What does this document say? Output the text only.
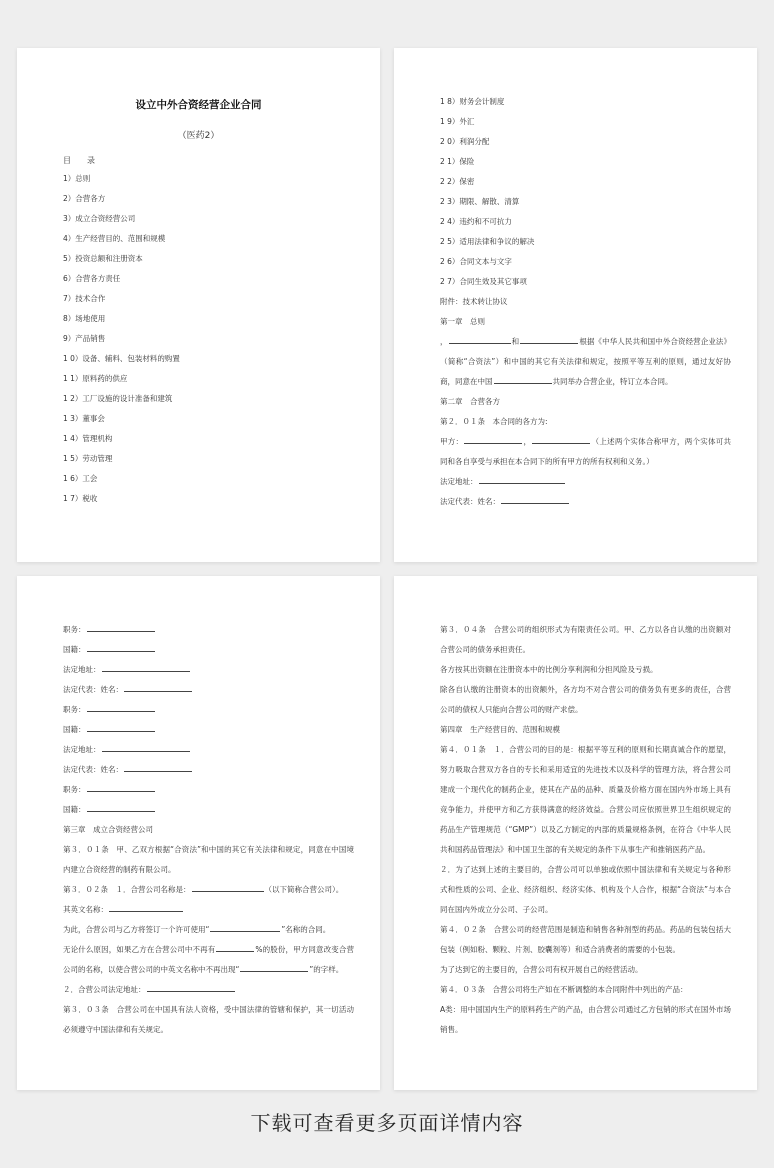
设立中外合资经营企业合同
（医药2）
目　　录
1）总则
2）合营各方
3）成立合资经营公司
4）生产经营目的、范围和规模
5）投资总额和注册资本
6）合营各方责任
7）技术合作
8）场地使用
9）产品销售
1 0）设备、辅料、包装材料的购置
1 1）原料药的供应
1 2）工厂设施的设计准备和建筑
1 3）董事会
1 4）管理机构
1 5）劳动管理
1 6）工会
1 7）税收
1 8）财务会计制度
1 9）外汇
2 0）利润分配
2 1）保险
2 2）保密
2 3）期限、解散、清算
2 4）违约和不可抗力
2 5）适用法律和争议的解决
2 6）合同文本与文字
2 7）合同生效及其它事项
附件：技术转让协议
第一章　总则
，	和	根据《中华人民共和国中外合资经营企业法》（简称“合资法”）和中国的其它有关法律和规定，按照平等互利的原则，通过友好协商，同意在中国	共同举办合营企业，特订立本合同。
第二章　合营各方
第２．０１条　本合同的各方为:
甲方：	，	（上述两个实体合称甲方，两个实体可共同和各自享受与承担在本合同下的所有甲方的所有权利和义务。）
法定地址：
法定代表：姓名：
职务：
国籍：
法定地址：
法定代表：姓名：
职务：
国籍：
法定地址：
法定代表：姓名：
职务：
国籍：
第三章　成立合资经营公司
第３．０１条　甲、乙双方根据“合资法”和中国的其它有关法律和规定，同意在中国境内建立合资经营的制药有限公司。
第３．０２条　１．合营公司名称是：	（以下简称合营公司）。
其英文名称：
为此，合营公司与乙方将签订一个许可使用“	”名称的合同。
无论什么原因，如果乙方在合营公司中不再有	%的股份，甲方同意改变合营公司的名称，以使合营公司的中英文名称中不再出现“	”的字样。
２．合营公司法定地址：
第３．０３条　合营公司在中国具有法人资格，受中国法律的管辖和保护，其一切活动必须遵守中国法律和有关规定。
第３．０４条　合营公司的组织形式为有限责任公司。甲、乙方以各自认缴的出资额对合营公司的债务承担责任。
各方按其出资额在注册资本中的比例分享利润和分担风险及亏损。
除各自认缴的注册资本的出资额外，各方均不对合营公司的债务负有更多的责任，合营公司的债权人只能向合营公司的财产求偿。
第四章　生产经营目的、范围和规模
第４．０１条　１．合营公司的目的是：根据平等互利的原则和长期真诚合作的愿望，努力吸取合营双方各自的专长和采用适宜的先进技术以及科学的管理方法，将合营公司建成一个现代化的制药企业，使其在产品的品种、质量及价格方面在国内外市场上具有竞争能力，并使甲方和乙方获得满意的经济效益。合营公司应依照世界卫生组织规定的药品生产管理规范（“GMP”）以及乙方制定的内部的质量规格条例，在符合《中华人民共和国药品管理法》和中国卫生部的有关规定的条件下从事生产和推销医药产品。
２．为了达到上述的主要目的，合营公司可以单独或依照中国法律和有关规定与各种形式和性质的公司、企业、经济组织、经济实体、机构及个人合作，根据“合资法”与本合同在国内外成立分公司、子公司。
第４．０２条　合营公司的经营范围是制造和销售各种剂型的药品。药品的包装包括大包装（例如粉、颗粒、片剂、胶囊剂等）和适合消费者的需要的小包装。
为了达到它的主要目的，合营公司有权开展自己的经营活动。
第４．０３条　合营公司将生产如在不断调整的本合同附件中列出的产品：
A类：用中国国内生产的原料药生产的产品，由合营公司通过乙方包销的形式在国外市场销售。
下载可查看更多页面详情内容
